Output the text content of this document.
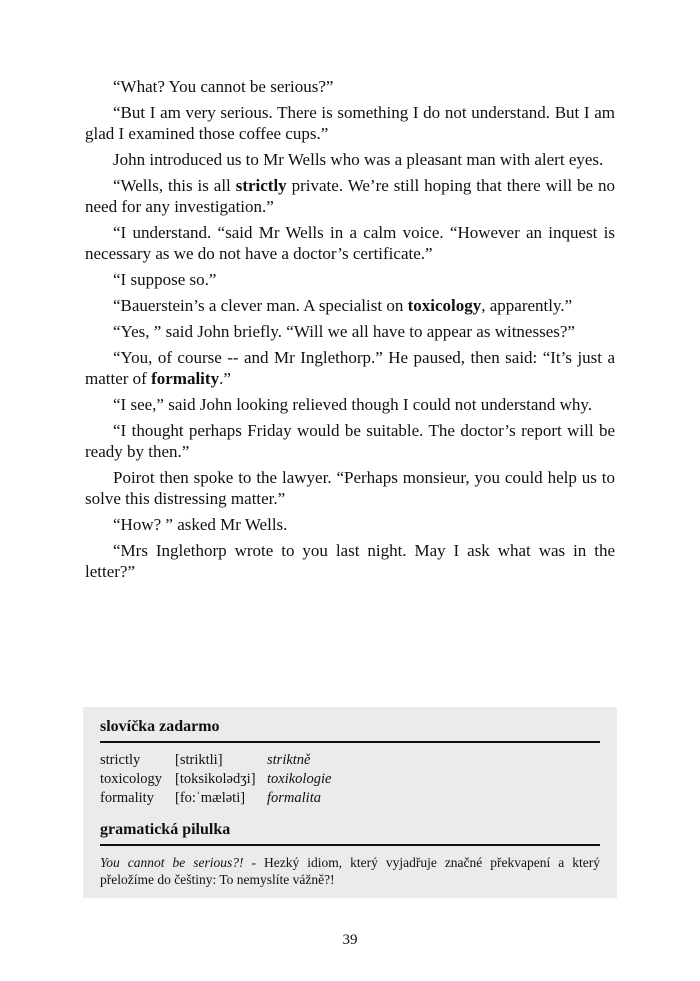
“What? You cannot be serious?”

“But I am very serious. There is something I do not understand. But I am glad I examined those coffee cups.”

John introduced us to Mr Wells who was a pleasant man with alert eyes.

“Wells, this is all strictly private. We’re still hoping that there will be no need for any investigation.”

“I understand. “said Mr Wells in a calm voice. “However an inquest is necessary as we do not have a doctor’s certificate.”

“I suppose so.”

“Bauerstein’s a clever man. A specialist on toxicology, apparently.”

“Yes, ” said John briefly. “Will we all have to appear as witnesses?”

“You, of course -- and Mr Inglethorp.” He paused, then said: “It’s just a matter of formality.”

“I see,” said John looking relieved though I could not understand why.

“I thought perhaps Friday would be suitable. The doctor’s report will be ready by then.”

Poirot then spoke to the lawyer. “Perhaps monsieur, you could help us to solve this distressing matter.”

“How? ” asked Mr Wells.

“Mrs Inglethorp wrote to you last night. May I ask what was in the letter?”

slovíčka zadarmo
strictly	[striktli]	striktně
toxicology [toksikolədʒi] toxikologie
formality	[fo:ˈmæləti]	formalita
gramatická pilulka
You cannot be serious?! - Hezký idiom, který vyjadřuje značné překvapení a který přeložíme do češtiny: To nemyslíte vážně?!
39
